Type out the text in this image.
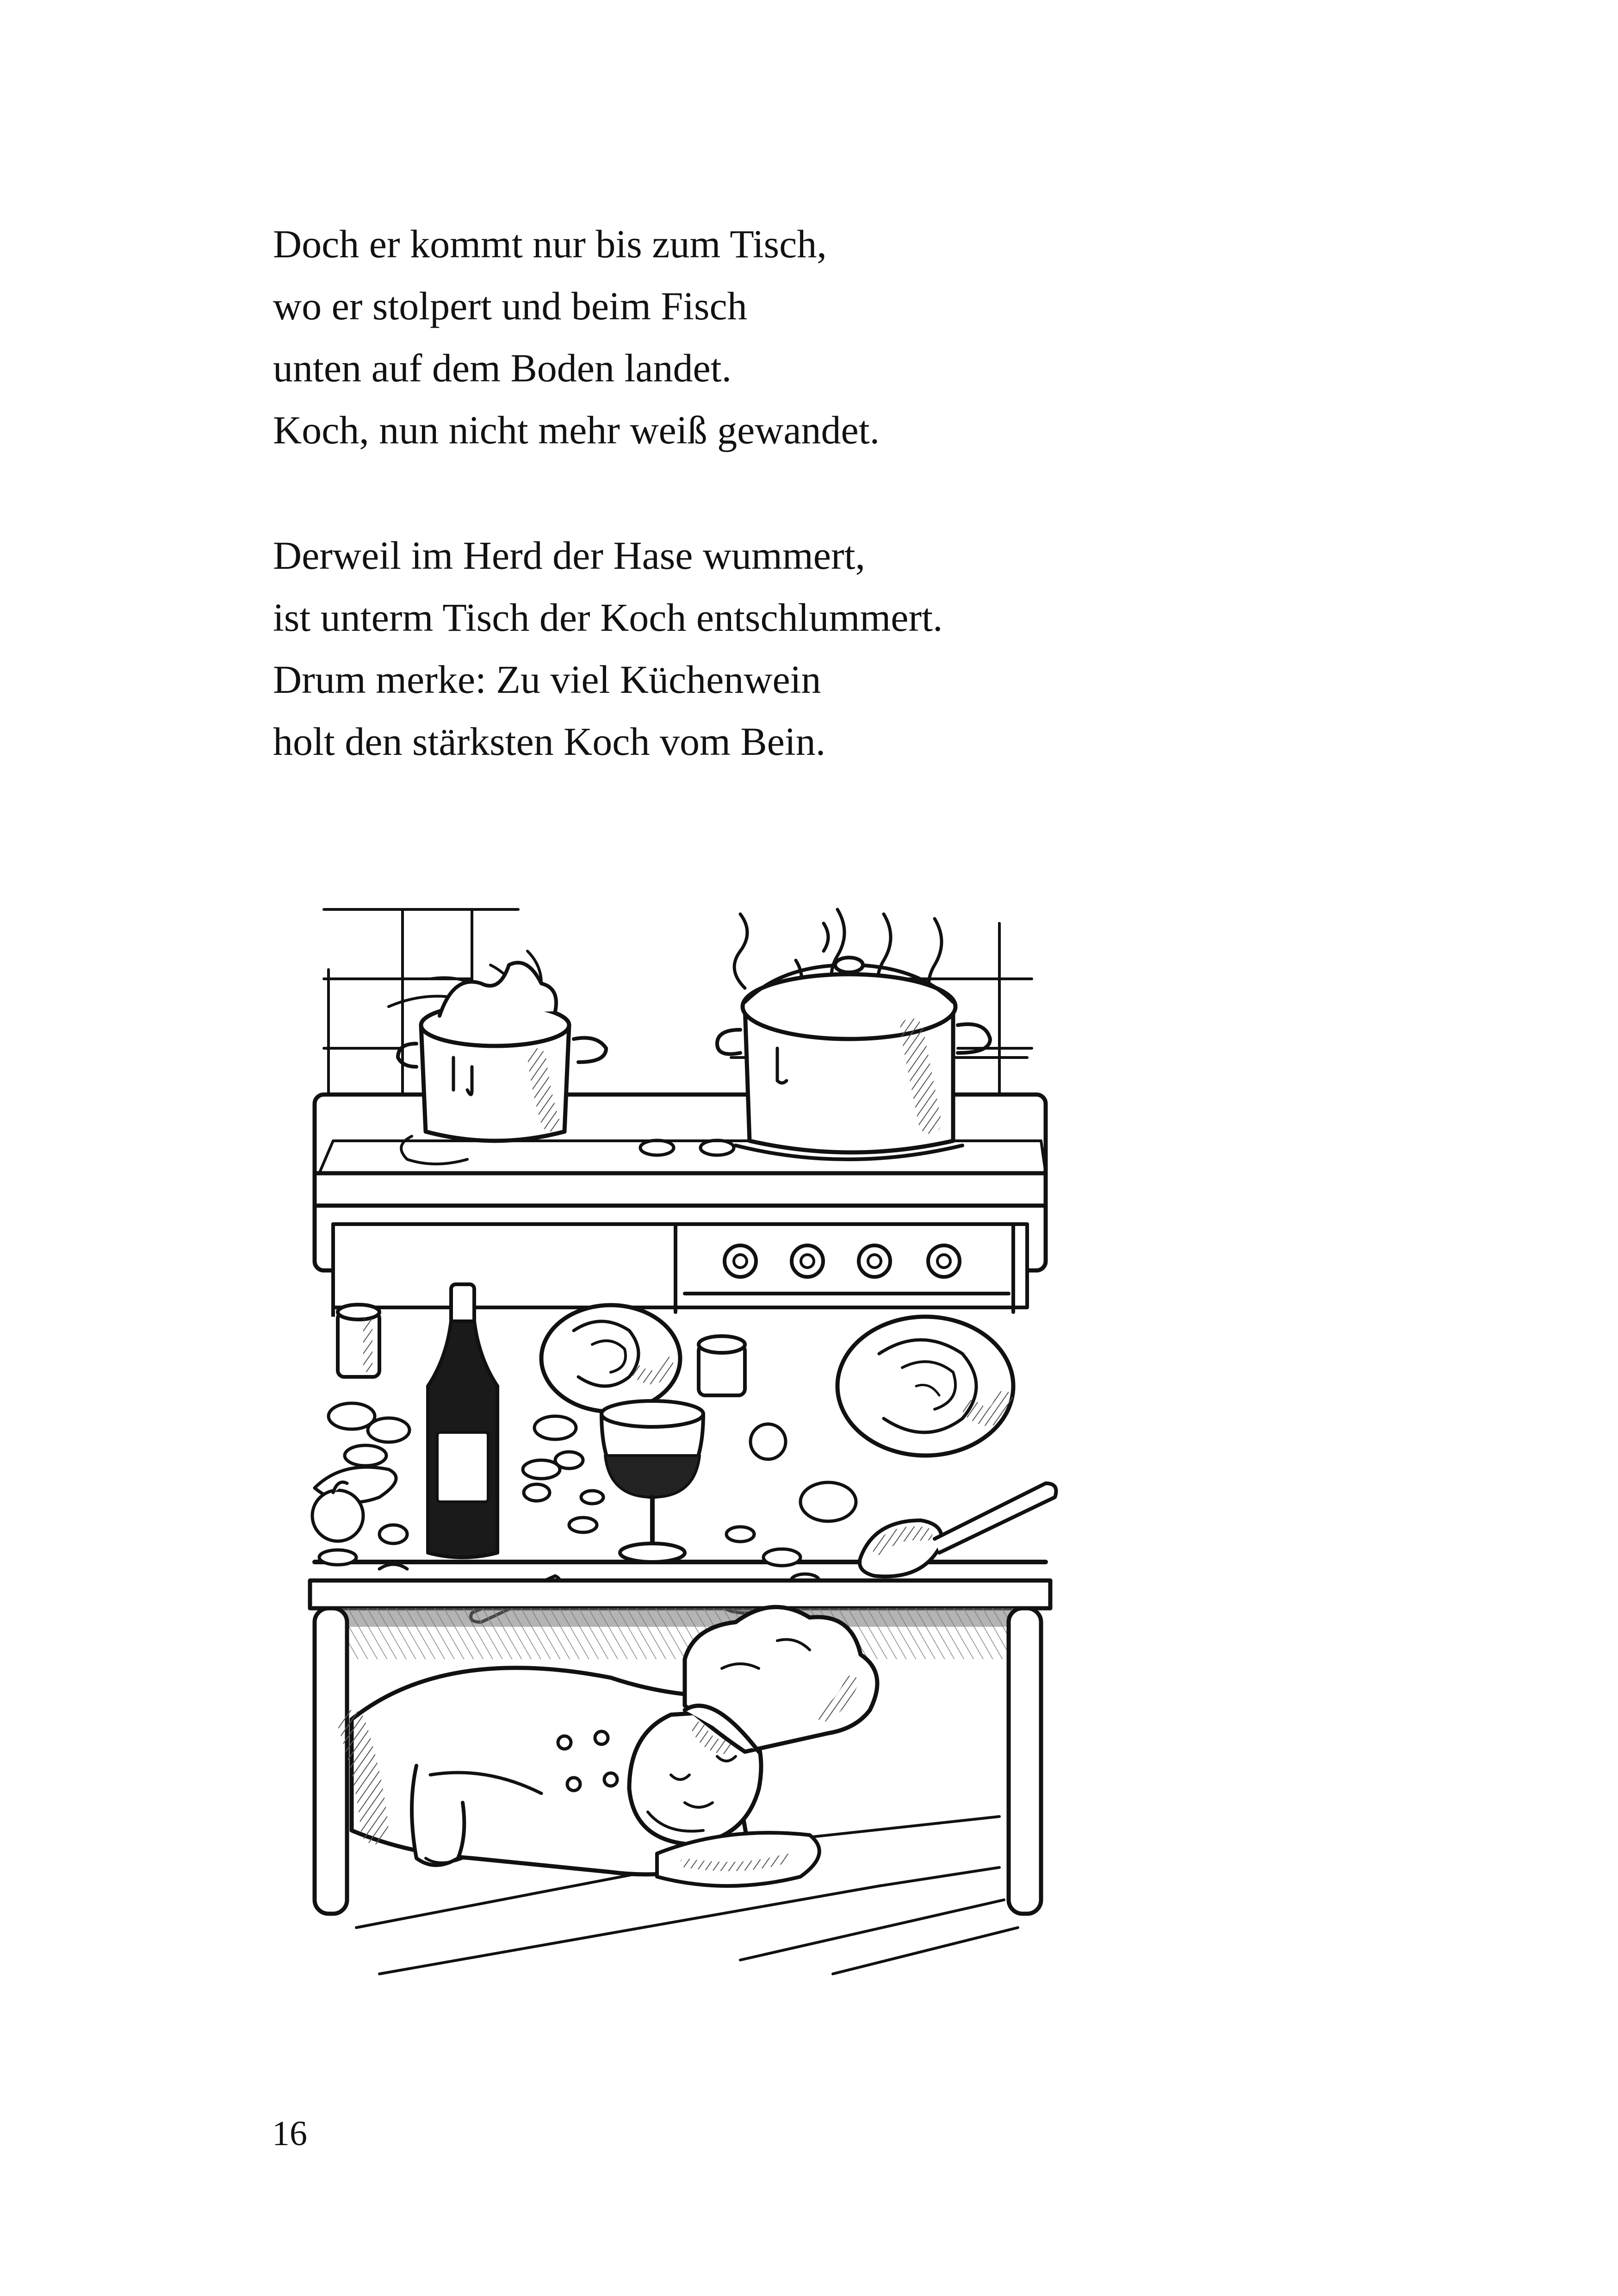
Doch er kommt nur bis zum Tisch,
wo er stolpert und beim Fisch
unten auf dem Boden landet.
Koch, nun nicht mehr weiß gewandet.
Derweil im Herd der Hase wummert,
ist unterm Tisch der Koch entschlummert.
Drum merke: Zu viel Küchenwein
holt den stärksten Koch vom Bein.
16
